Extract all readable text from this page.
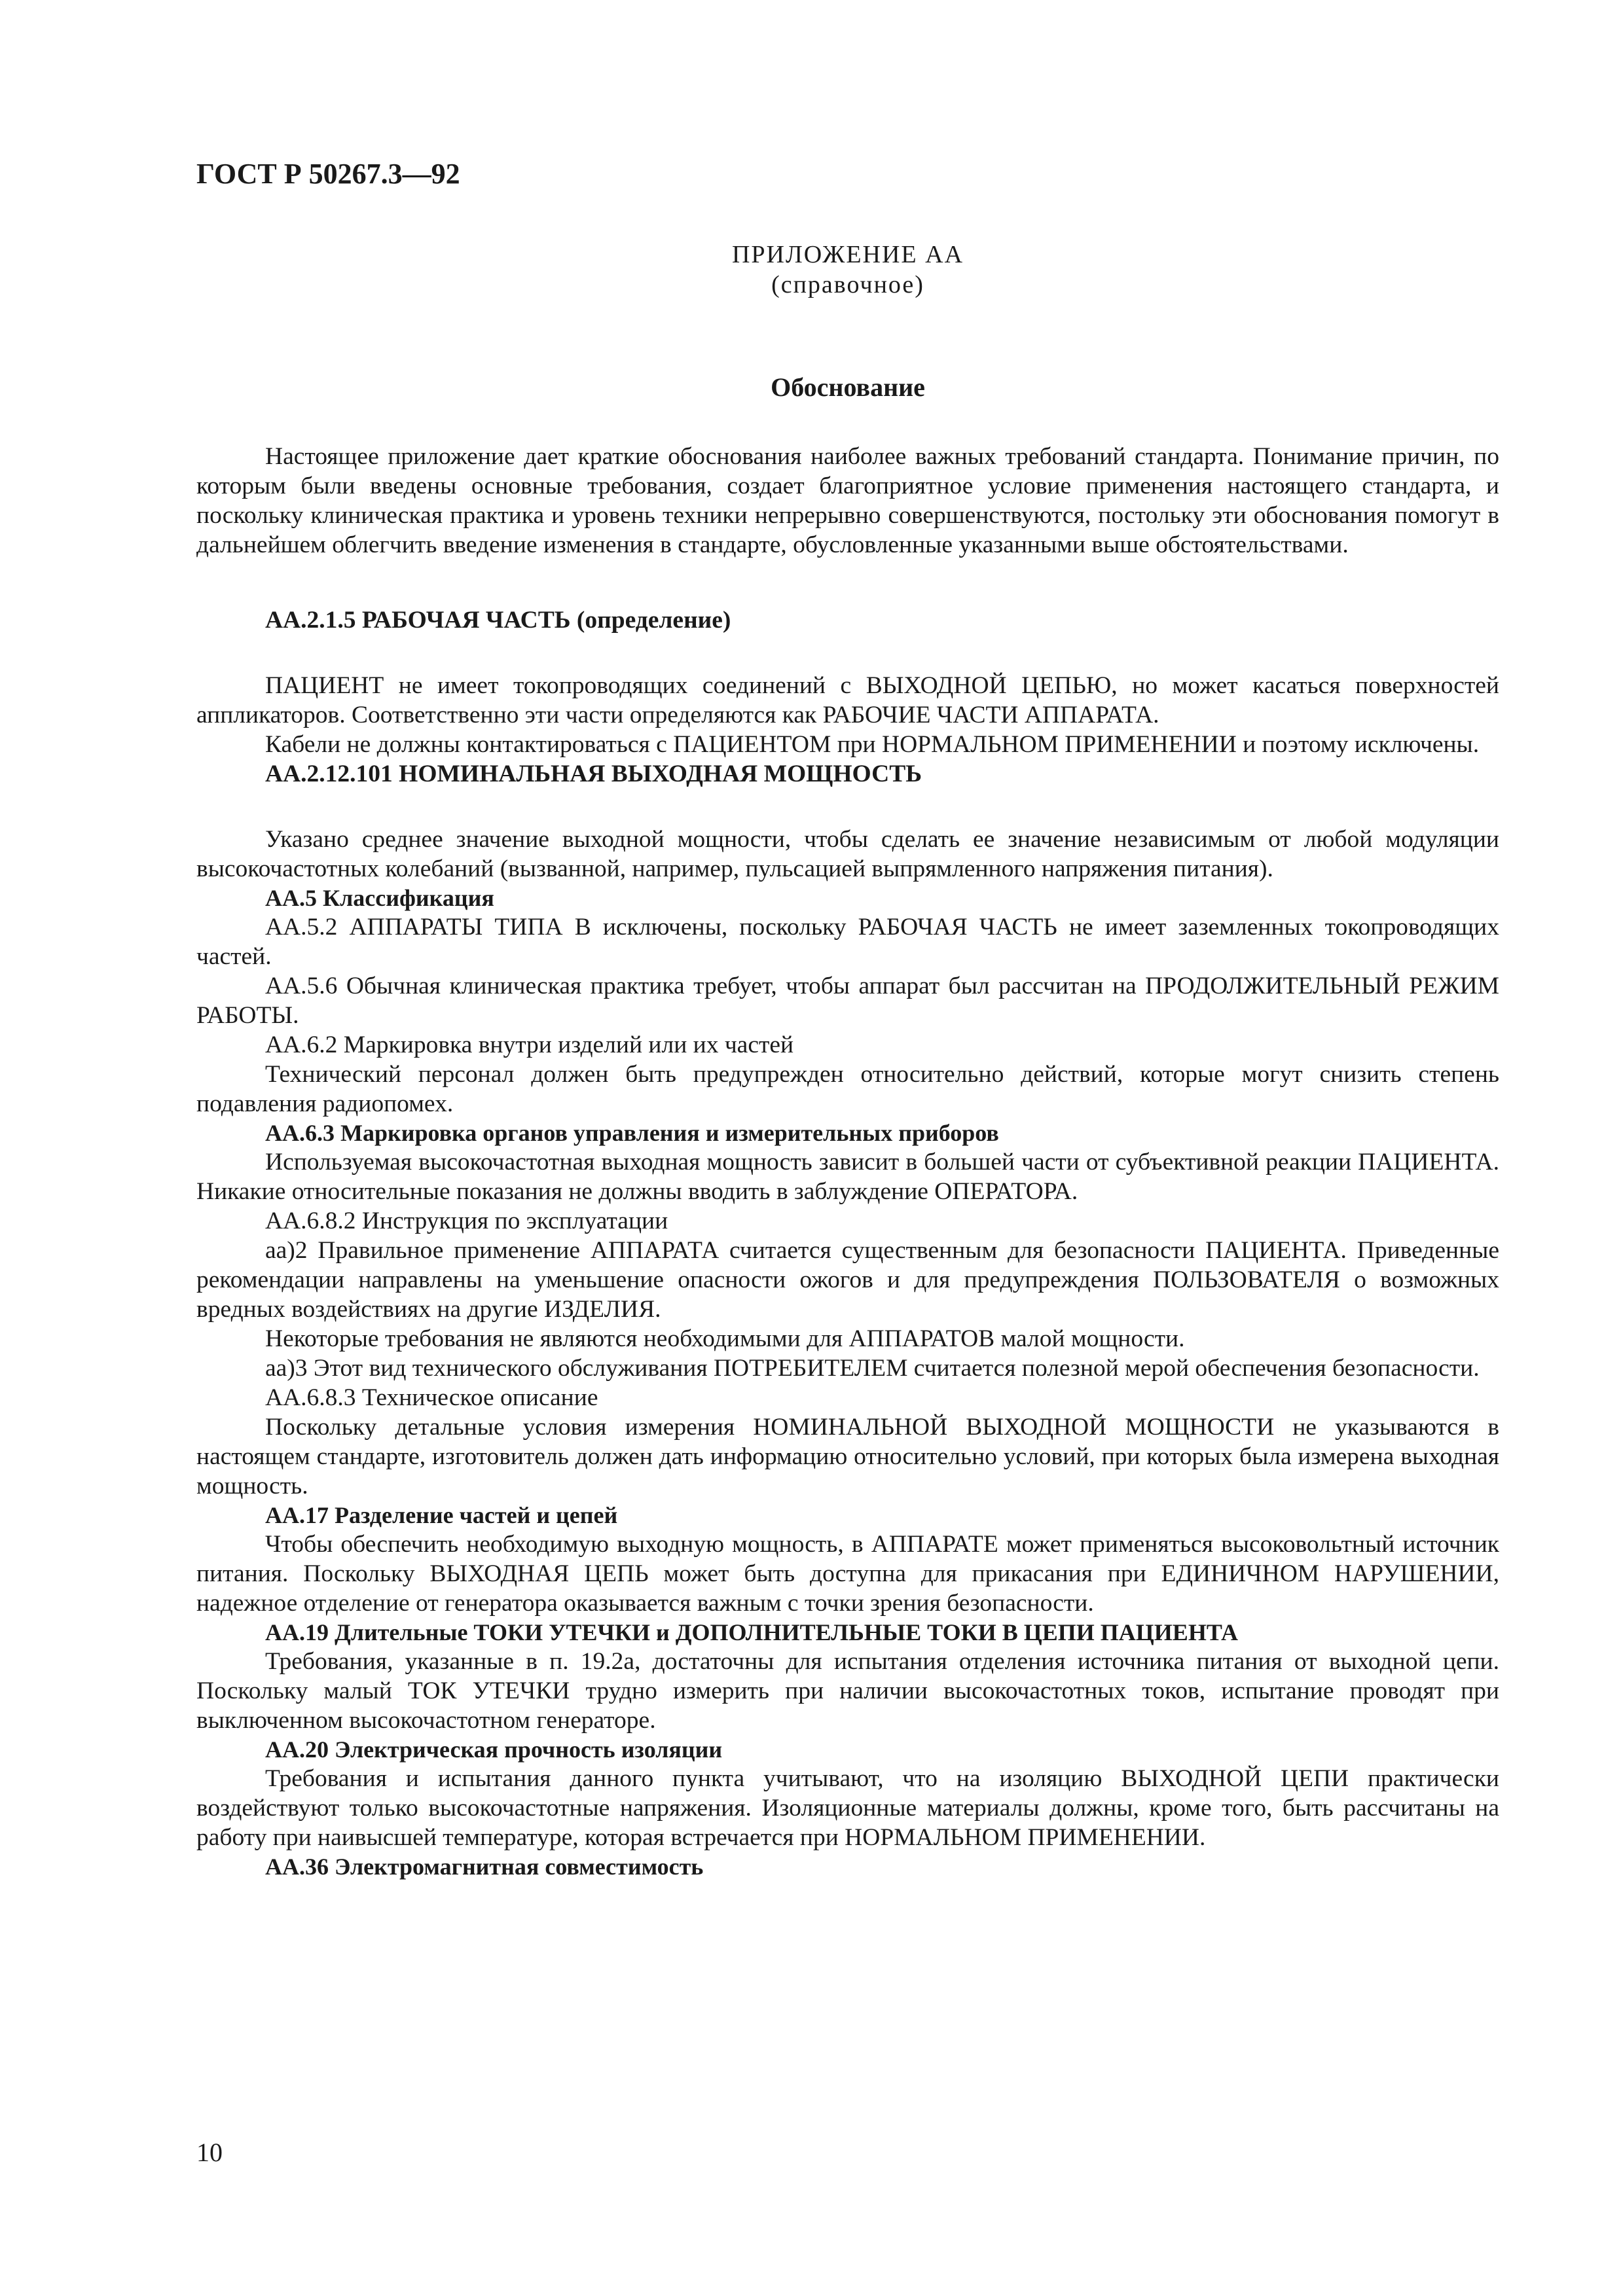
ГОСТ Р 50267.3—92
ПРИЛОЖЕНИЕ АА
(справочное)
Обоснование

Настоящее приложение дает краткие обоснования наиболее важных требований стандарта. Понимание причин, по которым были введены основные требования, создает благоприятное условие применения настоящего стандарта, и поскольку клиническая практика и уровень техники непрерывно совершенствуются, постольку эти обоснования помогут в дальнейшем облегчить введение изменения в стандарте, обусловленные указанными выше обстоятельствами.

АА.2.1.5 РАБОЧАЯ ЧАСТЬ (определение)

ПАЦИЕНТ не имеет токопроводящих соединений с ВЫХОДНОЙ ЦЕПЬЮ, но может касаться поверхностей аппликаторов. Соответственно эти части определяются как РАБОЧИЕ ЧАСТИ АППАРАТА.

Кабели не должны контактироваться с ПАЦИЕНТОМ при НОРМАЛЬНОМ ПРИМЕНЕНИИ и поэтому исключены.

АА.2.12.101 НОМИНАЛЬНАЯ ВЫХОДНАЯ МОЩНОСТЬ

Указано среднее значение выходной мощности, чтобы сделать ее значение независимым от любой модуляции высокочастотных колебаний (вызванной, например, пульсацией выпрямленного напряжения питания).

АА.5 Классификация

АА.5.2 АППАРАТЫ ТИПА В исключены, поскольку РАБОЧАЯ ЧАСТЬ не имеет заземленных токопроводящих частей.

АА.5.6 Обычная клиническая практика требует, чтобы аппарат был рассчитан на ПРОДОЛЖИТЕЛЬНЫЙ РЕЖИМ РАБОТЫ.

АА.6.2 Маркировка внутри изделий или их частей

Технический персонал должен быть предупрежден относительно действий, которые могут снизить степень подавления радиопомех.

АА.6.3 Маркировка органов управления и измерительных приборов

Используемая высокочастотная выходная мощность зависит в большей части от субъективной реакции ПАЦИЕНТА. Никакие относительные показания не должны вводить в заблуждение ОПЕРАТОРА.

АА.6.8.2 Инструкция по эксплуатации

аа)2 Правильное применение АППАРАТА считается существенным для безопасности ПАЦИЕНТА. Приведенные рекомендации направлены на уменьшение опасности ожогов и для предупреждения ПОЛЬЗОВАТЕЛЯ о возможных вредных воздействиях на другие ИЗДЕЛИЯ.

Некоторые требования не являются необходимыми для АППАРАТОВ малой мощности.

аа)3 Этот вид технического обслуживания ПОТРЕБИТЕЛЕМ считается полезной мерой обеспечения безопасности.

АА.6.8.3 Техническое описание

Поскольку детальные условия измерения НОМИНАЛЬНОЙ ВЫХОДНОЙ МОЩНОСТИ не указываются в настоящем стандарте, изготовитель должен дать информацию относительно условий, при которых была измерена выходная мощность.

АА.17 Разделение частей и цепей

Чтобы обеспечить необходимую выходную мощность, в АППАРАТЕ может применяться высоковольтный источник питания. Поскольку ВЫХОДНАЯ ЦЕПЬ может быть доступна для прикасания при ЕДИНИЧНОМ НАРУШЕНИИ, надежное отделение от генератора оказывается важным с точки зрения безопасности.

АА.19 Длительные ТОКИ УТЕЧКИ и ДОПОЛНИТЕЛЬНЫЕ ТОКИ В ЦЕПИ ПАЦИЕНТА

Требования, указанные в п. 19.2а, достаточны для испытания отделения источника питания от выходной цепи. Поскольку малый ТОК УТЕЧКИ трудно измерить при наличии высокочастотных токов, испытание проводят при выключенном высокочастотном генераторе.

АА.20 Электрическая прочность изоляции

Требования и испытания данного пункта учитывают, что на изоляцию ВЫХОДНОЙ ЦЕПИ практически воздействуют только высокочастотные напряжения. Изоляционные материалы должны, кроме того, быть рассчитаны на работу при наивысшей температуре, которая встречается при НОРМАЛЬНОМ ПРИМЕНЕНИИ.

АА.36 Электромагнитная совместимость
10
